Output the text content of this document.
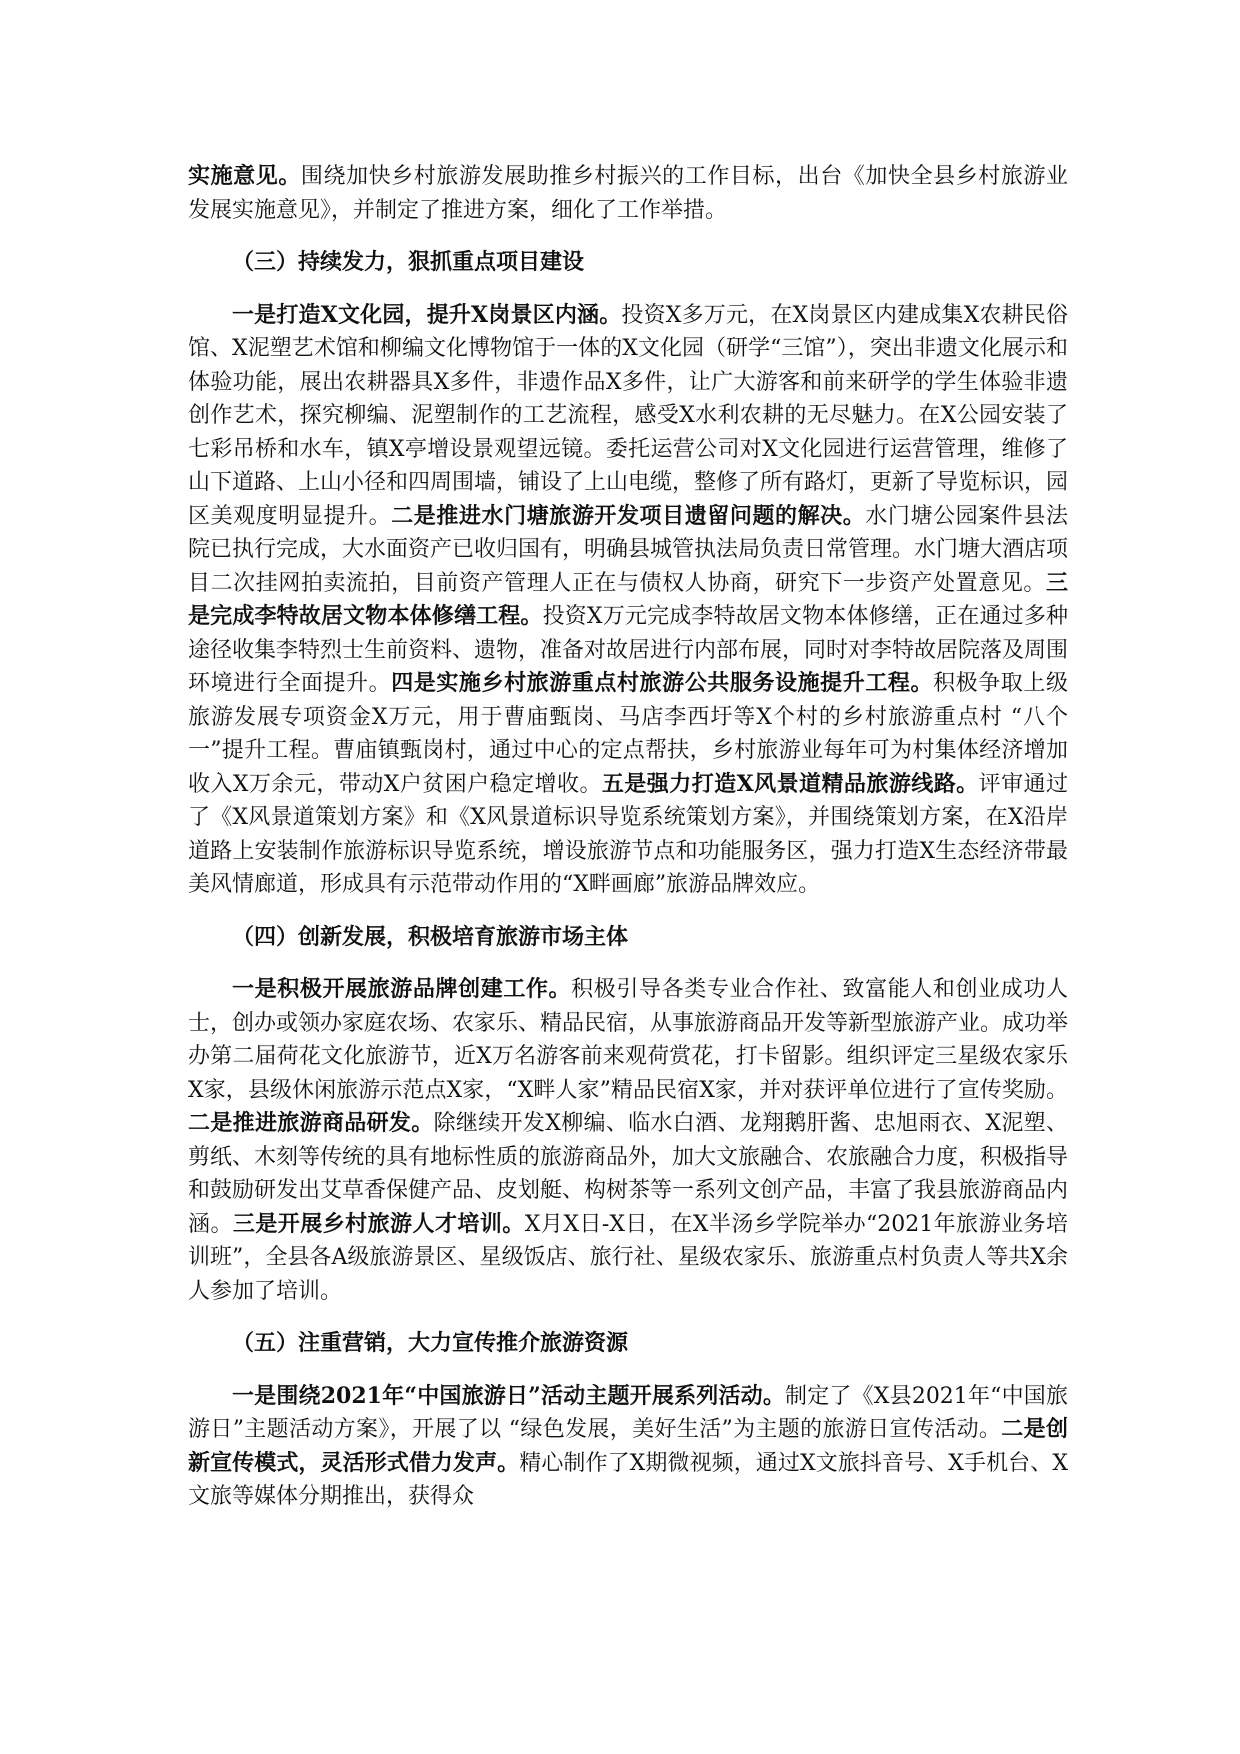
实施意见。围绕加快乡村旅游发展助推乡村振兴的工作目标，出台《加快全县乡村旅游业发展实施意见》，并制定了推进方案，细化了工作举措。

（三）持续发力，狠抓重点项目建设

一是打造X文化园，提升X岗景区内涵。投资X多万元，在X岗景区内建成集X农耕民俗馆、X泥塑艺术馆和柳编文化博物馆于一体的X文化园（研学“三馆”），突出非遗文化展示和体验功能，展出农耕器具X多件，非遗作品X多件，让广大游客和前来研学的学生体验非遗创作艺术，探究柳编、泥塑制作的工艺流程，感受X水利农耕的无尽魅力。在X公园安装了七彩吊桥和水车，镇X亭增设景观望远镜。委托运营公司对X文化园进行运营管理，维修了山下道路、上山小径和四周围墙，铺设了上山电缆，整修了所有路灯，更新了导览标识，园区美观度明显提升。二是推进水门塘旅游开发项目遗留问题的解决。水门塘公园案件县法院已执行完成，大水面资产已收归国有，明确县城管执法局负责日常管理。水门塘大酒店项目二次挂网拍卖流拍，目前资产管理人正在与债权人协商，研究下一步资产处置意见。三是完成李特故居文物本体修缮工程。投资X万元完成李特故居文物本体修缮，正在通过多种途径收集李特烈士生前资料、遗物，准备对故居进行内部布展，同时对李特故居院落及周围环境进行全面提升。四是实施乡村旅游重点村旅游公共服务设施提升工程。积极争取上级旅游发展专项资金X万元，用于曹庙甄岗、马店李西圩等X个村的乡村旅游重点村 “八个一”提升工程。曹庙镇甄岗村，通过中心的定点帮扶，乡村旅游业每年可为村集体经济增加收入X万余元，带动X户贫困户稳定增收。五是强力打造X风景道精品旅游线路。评审通过了《X风景道策划方案》和《X风景道标识导览系统策划方案》，并围绕策划方案，在X沿岸道路上安装制作旅游标识导览系统，增设旅游节点和功能服务区，强力打造X生态经济带最美风情廊道，形成具有示范带动作用的“X畔画廊”旅游品牌效应。

（四）创新发展，积极培育旅游市场主体

一是积极开展旅游品牌创建工作。积极引导各类专业合作社、致富能人和创业成功人士，创办或领办家庭农场、农家乐、精品民宿，从事旅游商品开发等新型旅游产业。成功举办第二届荷花文化旅游节，近X万名游客前来观荷赏花，打卡留影。组织评定三星级农家乐X家，县级休闲旅游示范点X家，“X畔人家”精品民宿X家，并对获评单位进行了宣传奖励。二是推进旅游商品研发。除继续开发X柳编、临水白酒、龙翔鹅肝酱、忠旭雨衣、X泥塑、剪纸、木刻等传统的具有地标性质的旅游商品外，加大文旅融合、农旅融合力度，积极指导和鼓励研发出艾草香保健产品、皮划艇、构树茶等一系列文创产品，丰富了我县旅游商品内涵。三是开展乡村旅游人才培训。X月X日-X日，在X半汤乡学院举办“2021年旅游业务培训班”，全县各A级旅游景区、星级饭店、旅行社、星级农家乐、旅游重点村负责人等共X余人参加了培训。

（五）注重营销，大力宣传推介旅游资源

一是围绕2021年“中国旅游日”活动主题开展系列活动。制定了《X县2021年“中国旅游日”主题活动方案》，开展了以 “绿色发展，美好生活”为主题的旅游日宣传活动。二是创新宣传模式，灵活形式借力发声。精心制作了X期微视频，通过X文旅抖音号、X手机台、X文旅等媒体分期推出，获得众
